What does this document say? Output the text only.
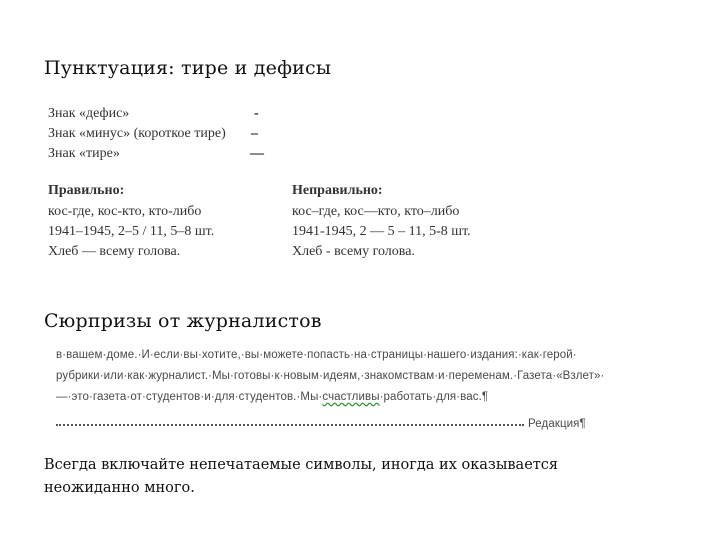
Пунктуация: тире и дефисы
Знак «дефис»	-
Знак «минус» (короткое тире) –
Знак «тире»	—
Правильно:
кос-где, кос-кто, кто-либо
1941–1945, 2–5 / 11, 5–8 шт.
Хлеб — всему голова.
Неправильно:
кос–где, кос—кто, кто–либо
1941-1945, 2 — 5 – 11, 5-8 шт.
Хлеб - всему голова.
Сюрпризы от журналистов
в·вашем·доме.·И·если·вы·хотите,·вы·можете·попасть·на·страницы·нашего·издания:·как·герой·
рубрики·или·как·журналист.·Мы·готовы·к·новым·идеям,·знакомствам·и·переменам.·Газета·«Взлет»·
—·это·газета·от·студентов·и·для·студентов.·Мы·счастливы·работать·для·вас.¶
Редакция¶
Всегда включайте непечатаемые символы, иногда их оказывается неожиданно много.
